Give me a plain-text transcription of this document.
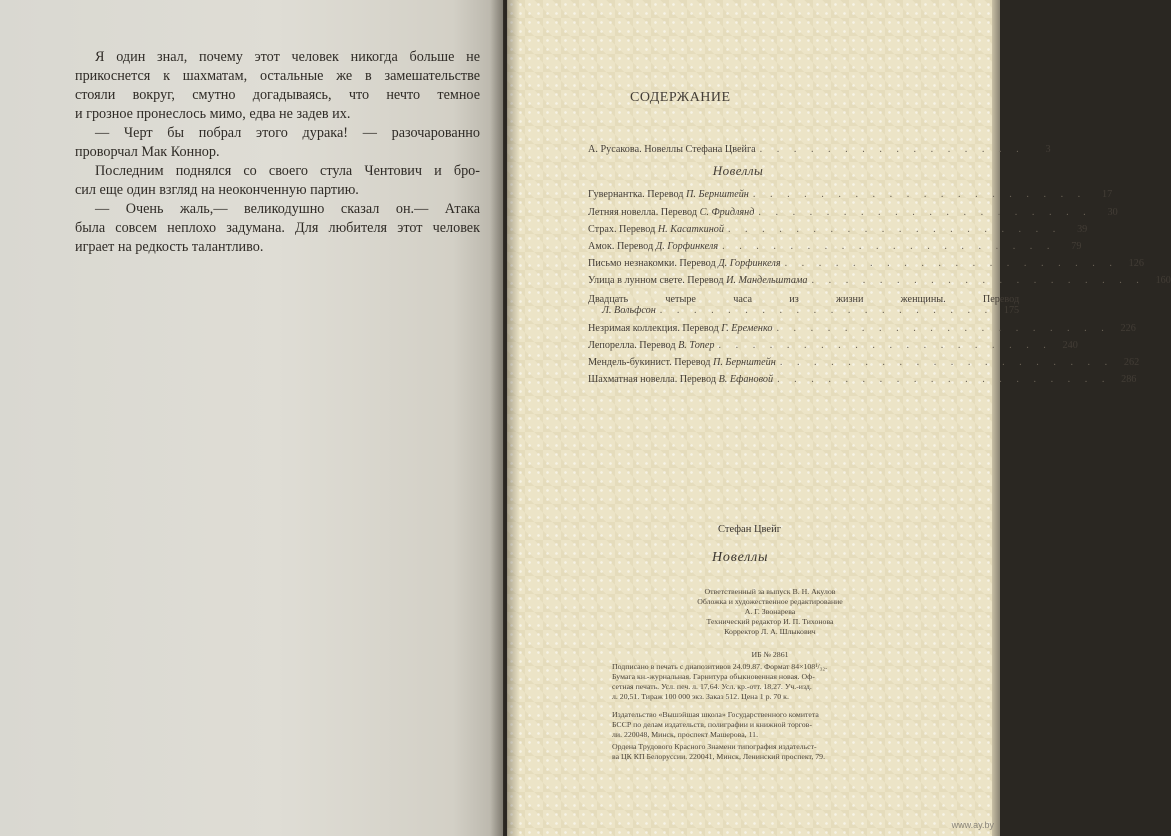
Я один знал, почему этот человек никогда больше не
прикоснется к шахматам, остальные же в замешательстве
стояли вокруг, смутно догадываясь, что нечто темное
и грозное пронеслось мимо, едва не задев их.

— Черт бы побрал этого дурака! — разочарованно
проворчал Мак Коннор.

Последним поднялся со своего стула Чентович и бро-
сил еще один взгляд на неоконченную партию.

— Очень жаль,— великодушно сказал он.— Атака
была совсем неплохо задумана. Для любителя этот человек
играет на редкость талантливо.

СОДЕРЖАНИЕ
А. Русакова. Новеллы Стефана Цвейга . . . . . . . . . . . . . . . .	3
Новеллы
Гувернантка. Перевод П. Бернштейн . . . . . . . . . . . . . . . . . . . .	17
Летняя новелла. Перевод С. Фридлянд . . . . . . . . . . . . . . . . . . . .	30
Страх. Перевод Н. Касаткиной . . . . . . . . . . . . . . . . . . . .	39
Амок. Перевод Д. Горфинкеля . . . . . . . . . . . . . . . . . . . .	79
Письмо незнакомки. Перевод Д. Горфинкеля . . . . . . . . . . . . . . . . . . . .	126
Улица в лунном свете. Перевод И. Мандельштама . . . . . . . . . . . . . . . . . . . .	160
Двадцать четыре часа из жизни женщины. Перевод
Л. Вольфсон . . . . . . . . . . . . . . . . . . . .	175
Незримая коллекция. Перевод Г. Еременко . . . . . . . . . . . . . . . . . . . .	226
Лепорелла. Перевод В. Топер . . . . . . . . . . . . . . . . . . . .	240
Мендель-букинист. Перевод П. Бернштейн . . . . . . . . . . . . . . . . . . . .	262
Шахматная новелла. Перевод В. Ефановой . . . . . . . . . . . . . . . . . . . .	286
Стефан Цвейг
Новеллы
Ответственный за выпуск В. Н. Акулов
Обложка и художественное редактирование
А. Г. Звонарева
Технический редактор И. П. Тихонова
Корректор Л. А. Шлыкович
ИБ № 2861
Подписано в печать с диапозитивов 24.09.87. Формат 84×108¹/₃₂.
Бумага кн.-журнальная. Гарнитура обыкновенная новая. Оф-
сетная печать. Усл. печ. л. 17,64. Усл. кр.-отт. 18,27. Уч.-изд.
л. 20,51. Тираж 100 000 экз. Заказ 512. Цена 1 р. 70 к.
Издательство «Вышэйшая школа» Государственного комитета
БССР по делам издательств, полиграфии и книжной торгов-
ли. 220048, Минск, проспект Машерова, 11.
Ордена Трудового Красного Знамени типография издательст-
ва ЦК КП Белоруссии. 220041, Минск, Ленинский проспект, 79.
www.ay.by
